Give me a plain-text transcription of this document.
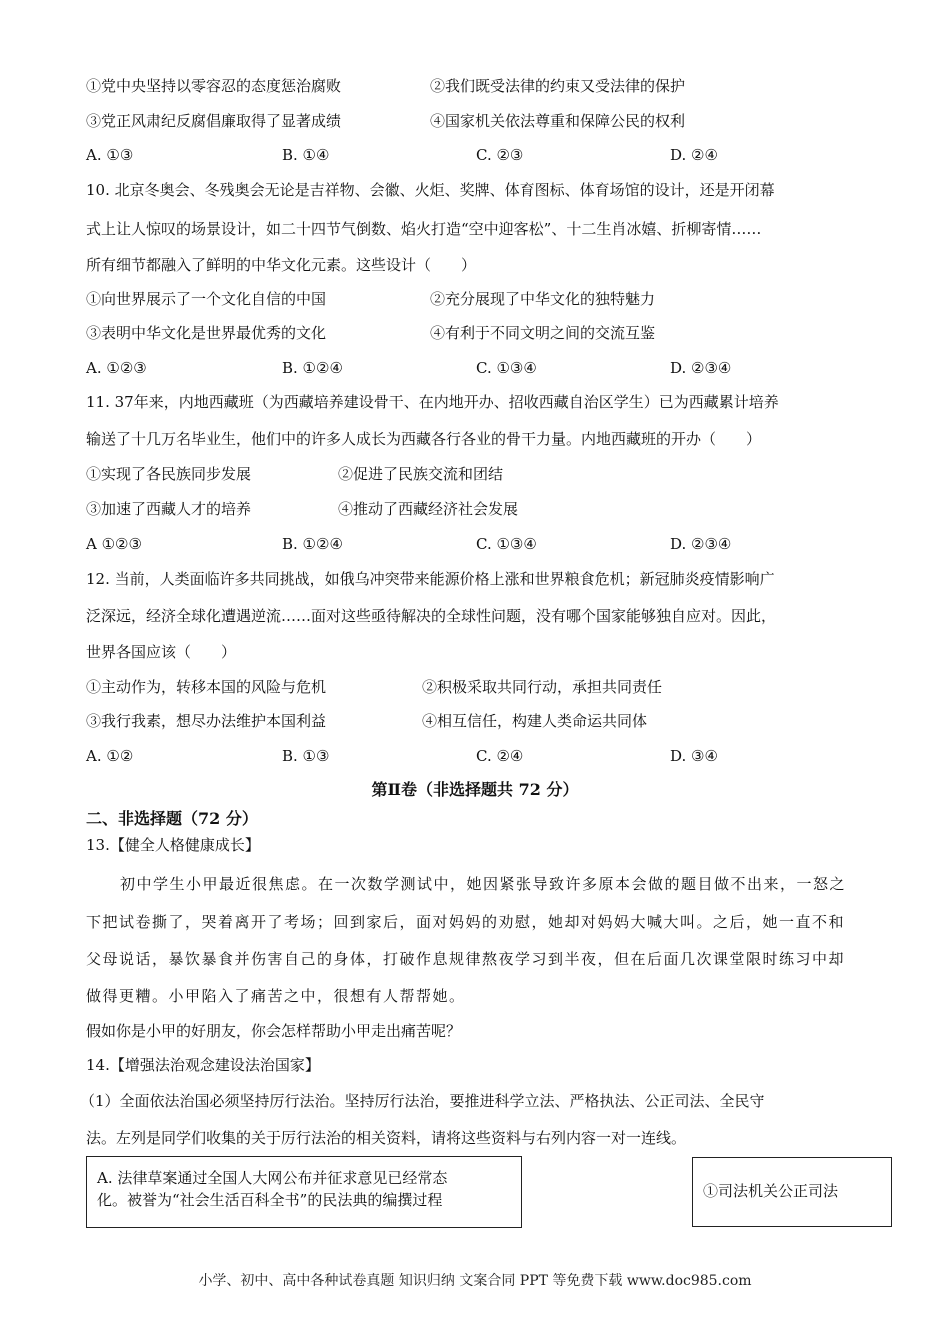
①党中央坚持以零容忍的态度惩治腐败	②我们既受法律的约束又受法律的保护
③党正风肃纪反腐倡廉取得了显著成绩	④国家机关依法尊重和保障公民的权利
A. ①③	B. ①④	C. ②③	D. ②④
10. 北京冬奥会、冬残奥会无论是吉祥物、会徽、火炬、奖牌、体育图标、体育场馆的设计，还是开闭幕
式上让人惊叹的场景设计，如二十四节气倒数、焰火打造“空中迎客松”、十二生肖冰嬉、折柳寄情……
所有细节都融入了鲜明的中华文化元素。这些设计（　　）
①向世界展示了一个文化自信的中国	②充分展现了中华文化的独特魅力
③表明中华文化是世界最优秀的文化	④有利于不同文明之间的交流互鉴
A. ①②③	B. ①②④	C. ①③④	D. ②③④
11. 37年来，内地西藏班（为西藏培养建设骨干、在内地开办、招收西藏自治区学生）已为西藏累计培养
输送了十几万名毕业生，他们中的许多人成长为西藏各行各业的骨干力量。内地西藏班的开办（　　）
①实现了各民族同步发展	②促进了民族交流和团结
③加速了西藏人才的培养	④推动了西藏经济社会发展
A ①②③	B. ①②④	C. ①③④	D. ②③④
12. 当前，人类面临许多共同挑战，如俄乌冲突带来能源价格上涨和世界粮食危机；新冠肺炎疫情影响广
泛深远，经济全球化遭遇逆流……面对这些亟待解决的全球性问题，没有哪个国家能够独自应对。因此，
世界各国应该（　　）
①主动作为，转移本国的风险与危机	②积极采取共同行动，承担共同责任
③我行我素，想尽办法维护本国利益	④相互信任，构建人类命运共同体
A. ①②	B. ①③	C. ②④	D. ③④
第Ⅱ卷（非选择题共 72 分）
二、非选择题（72 分）
13.【健全人格健康成长】
初中学生小甲最近很焦虑。在一次数学测试中，她因紧张导致许多原本会做的题目做不出来，一怒之
下把试卷撕了，哭着离开了考场；回到家后，面对妈妈的劝慰，她却对妈妈大喊大叫。之后，她一直不和
父母说话，暴饮暴食并伤害自己的身体，打破作息规律熬夜学习到半夜，但在后面几次课堂限时练习中却
做得更糟。小甲陷入了痛苦之中，很想有人帮帮她。
假如你是小甲的好朋友，你会怎样帮助小甲走出痛苦呢？
14.【增强法治观念建设法治国家】
（1）全面依法治国必须坚持厉行法治。坚持厉行法治，要推进科学立法、严格执法、公正司法、全民守
法。左列是同学们收集的关于厉行法治的相关资料，请将这些资料与右列内容一对一连线。
A. 法律草案通过全国人大网公布并征求意见已经常态
化。被誉为“社会生活百科全书”的民法典的编撰过程	①司法机关公正司法
小学、初中、高中各种试卷真题 知识归纳 文案合同 PPT 等免费下载 www.doc985.com
